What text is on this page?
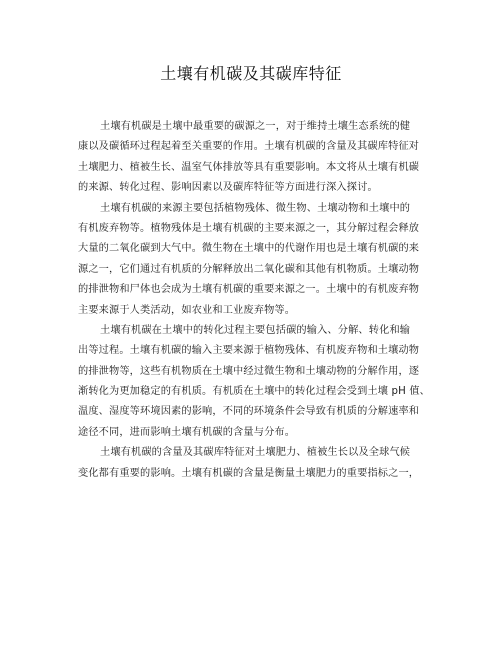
土壤有机碳及其碳库特征

土壤有机碳是土壤中最重要的碳源之一，对于维持土壤生态系统的健
康以及碳循环过程起着至关重要的作用。土壤有机碳的含量及其碳库特征对
土壤肥力、植被生长、温室气体排放等具有重要影响。本文将从土壤有机碳
的来源、转化过程、影响因素以及碳库特征等方面进行深入探讨。

土壤有机碳的来源主要包括植物残体、微生物、土壤动物和土壤中的
有机废弃物等。植物残体是土壤有机碳的主要来源之一，其分解过程会释放
大量的二氧化碳到大气中。微生物在土壤中的代谢作用也是土壤有机碳的来
源之一，它们通过有机质的分解释放出二氧化碳和其他有机物质。土壤动物
的排泄物和尸体也会成为土壤有机碳的重要来源之一。土壤中的有机废弃物
主要来源于人类活动，如农业和工业废弃物等。

土壤有机碳在土壤中的转化过程主要包括碳的输入、分解、转化和输
出等过程。土壤有机碳的输入主要来源于植物残体、有机废弃物和土壤动物
的排泄物等，这些有机物质在土壤中经过微生物和土壤动物的分解作用，逐
渐转化为更加稳定的有机质。有机质在土壤中的转化过程会受到土壤 pH 值、
温度、湿度等环境因素的影响，不同的环境条件会导致有机质的分解速率和
途径不同，进而影响土壤有机碳的含量与分布。

土壤有机碳的含量及其碳库特征对土壤肥力、植被生长以及全球气候
变化都有重要的影响。土壤有机碳的含量是衡量土壤肥力的重要指标之一，
